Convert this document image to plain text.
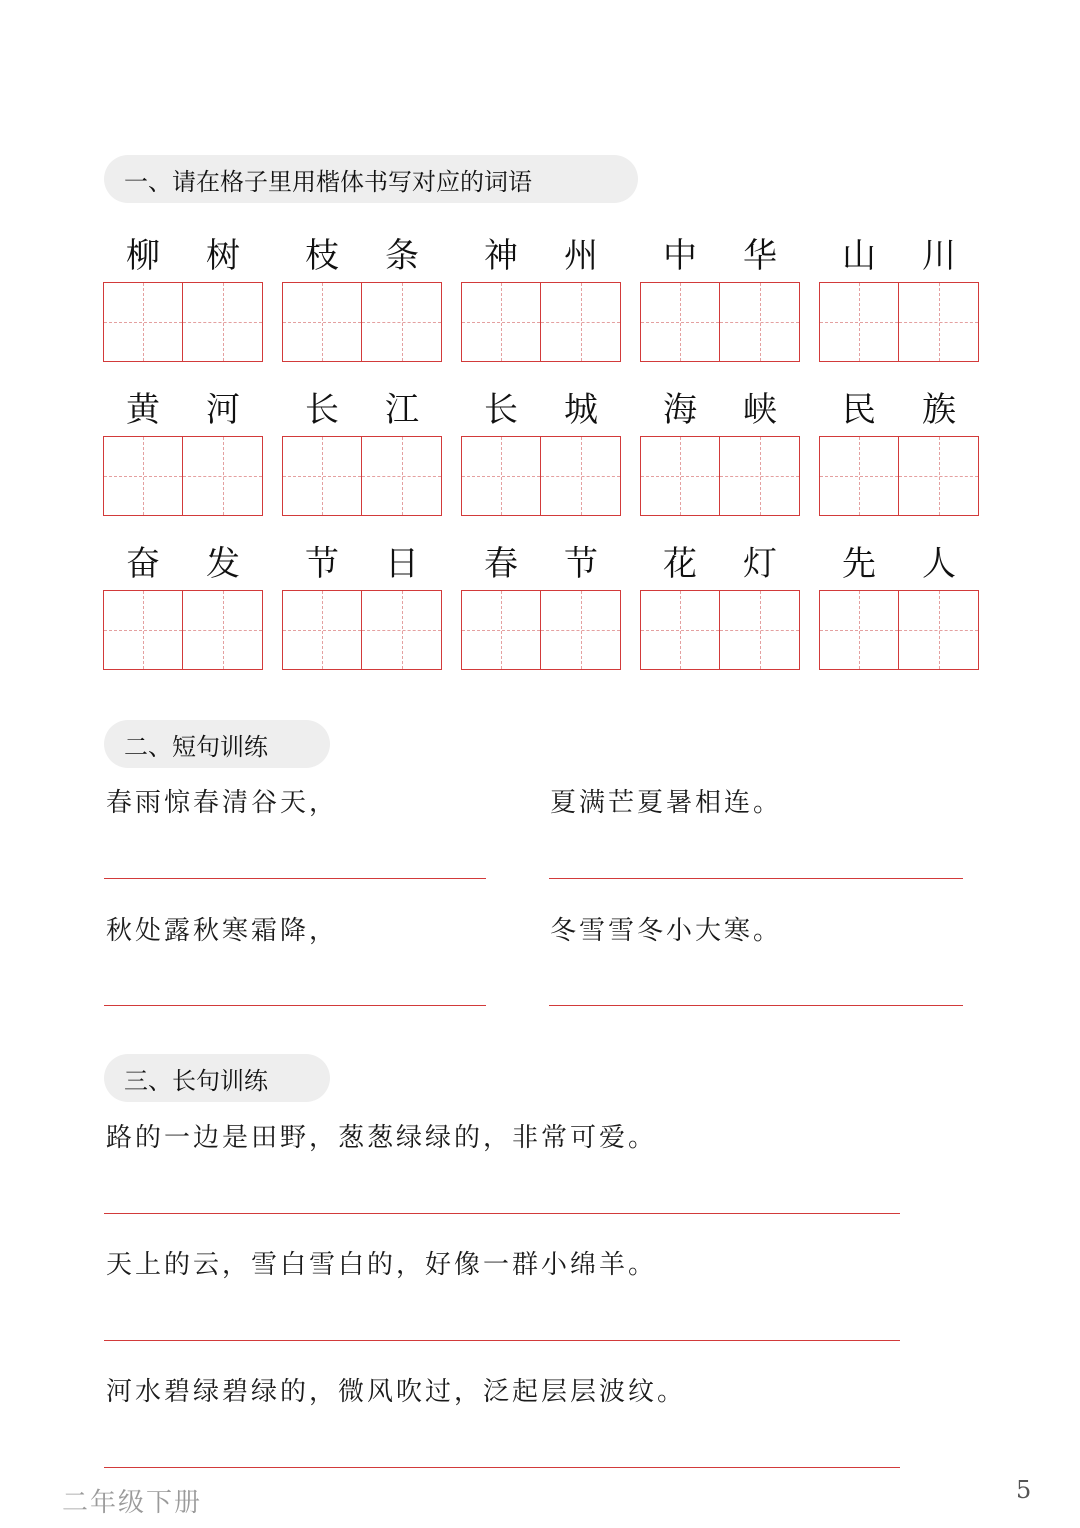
一、请在格子里用楷体书写对应的词语
柳	树	枝	条	神	州	中	华	山	川
黄	河	长	江	长	城	海	峡	民	族
奋	发	节	日	春	节	花	灯	先	人
二、短句训练
春雨惊春清谷天，	夏满芒夏暑相连。
秋处露秋寒霜降，	冬雪雪冬小大寒。
三、长句训练
路的一边是田野，葱葱绿绿的，非常可爱。
天上的云，雪白雪白的，好像一群小绵羊。
河水碧绿碧绿的，微风吹过，泛起层层波纹。
二年级下册	5
